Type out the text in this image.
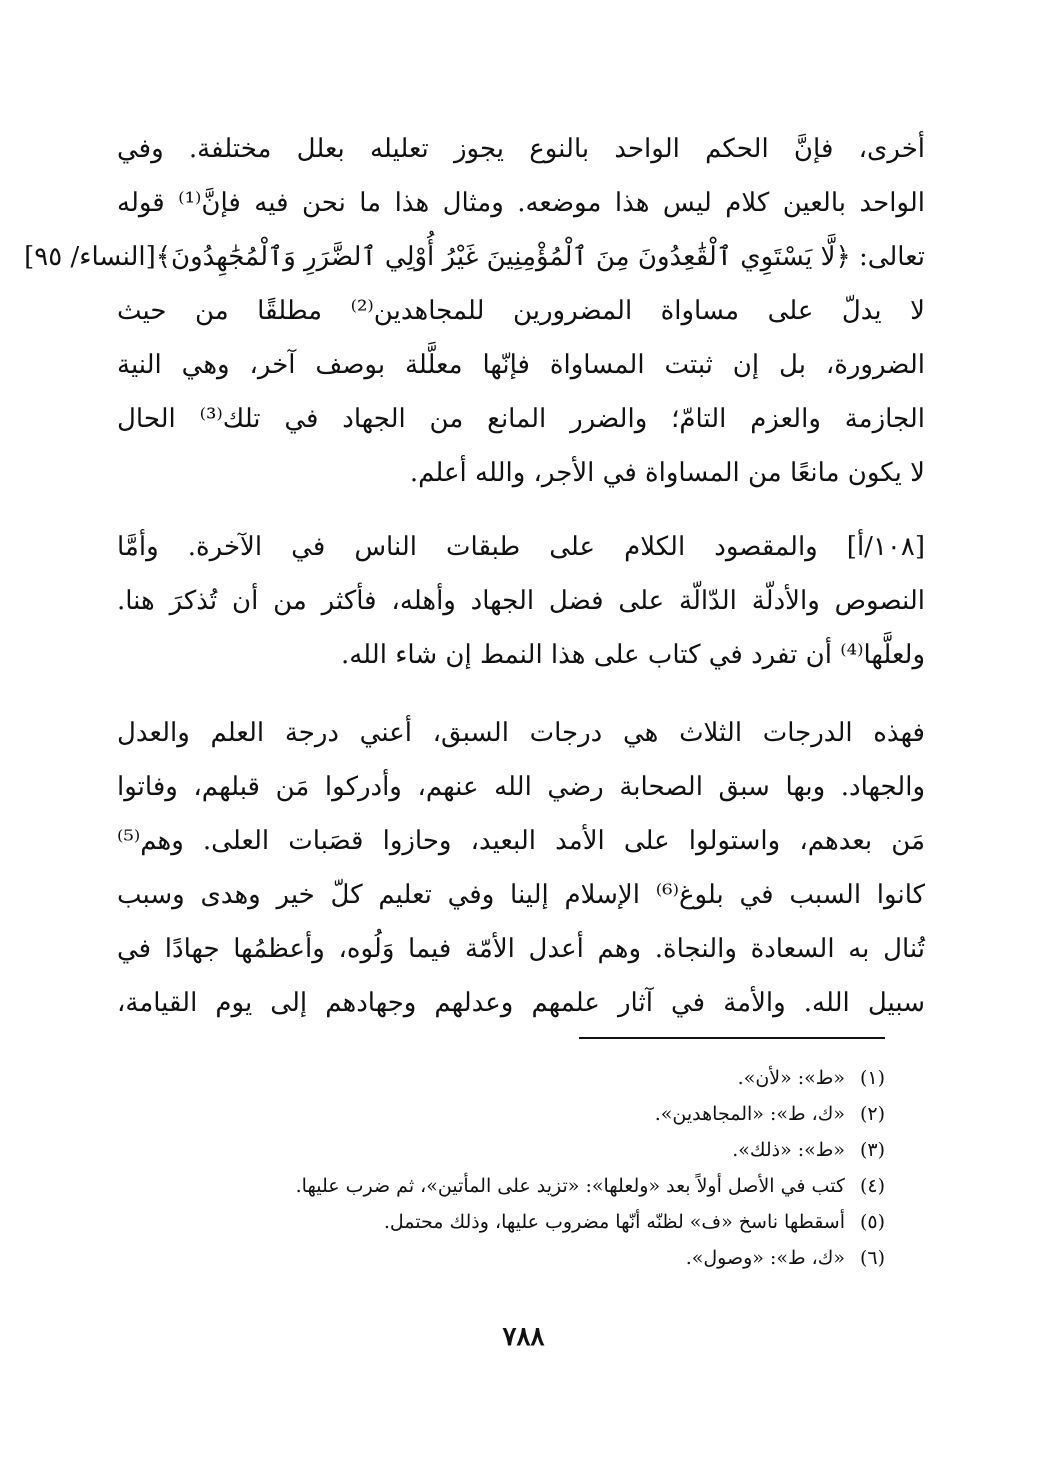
أخرى، فإنَّ الحكم الواحد بالنوع يجوز تعليله بعلل مختلفة. وفي
الواحد بالعين كلام ليس هذا موضعه. ومثال هذا ما نحن فيه فإنَّ⁽¹⁾ قوله
تعالى: ﴿لَّا يَسْتَوِي ٱلْقَٰعِدُونَ مِنَ ٱلْمُؤْمِنِينَ غَيْرُ أُوْلِي ٱلضَّرَرِ وَٱلْمُجَٰهِدُونَ﴾[النساء/ ٩٥]
لا يدلّ على مساواة المضرورين للمجاهدين⁽²⁾ مطلقًا من حيث
الضرورة، بل إن ثبتت المساواة فإنّها معلَّلة بوصف آخر، وهي النية
الجازمة والعزم التامّ؛ والضرر المانع من الجهاد في تلك⁽³⁾ الحال
لا يكون مانعًا من المساواة في الأجر، والله أعلم.
[١٠٨/أ] والمقصود الكلام على طبقات الناس في الآخرة. وأمَّا
النصوص والأدلّة الدّالّة على فضل الجهاد وأهله، فأكثر من أن تُذكرَ هنا.
ولعلَّها⁽⁴⁾ أن تفرد في كتاب على هذا النمط إن شاء الله.
فهذه الدرجات الثلاث هي درجات السبق، أعني درجة العلم والعدل
والجهاد. وبها سبق الصحابة رضي الله عنهم، وأدركوا مَن قبلهم، وفاتوا
مَن بعدهم، واستولوا على الأمد البعيد، وحازوا قصَبات العلى. وهم⁽⁵⁾
كانوا السبب في بلوغ⁽⁶⁾ الإسلام إلينا وفي تعليم كلّ خير وهدى وسبب
تُنال به السعادة والنجاة. وهم أعدل الأمّة فيما وَلُوه، وأعظمُها جهادًا في
سبيل الله. والأمة في آثار علمهم وعدلهم وجهادهم إلى يوم القيامة،
(١)
«ط»: «لأن».
(٢)
«ك، ط»: «المجاهدين».
(٣)
«ط»: «ذلك».
(٤)
كتب في الأصل أولاً بعد «ولعلها»: «تزيد على المأتين»، ثم ضرب عليها.
(٥)
أسقطها ناسخ «ف» لظنّه أنّها مضروب عليها، وذلك محتمل.
(٦)
«ك، ط»: «وصول».
٧٨٨
